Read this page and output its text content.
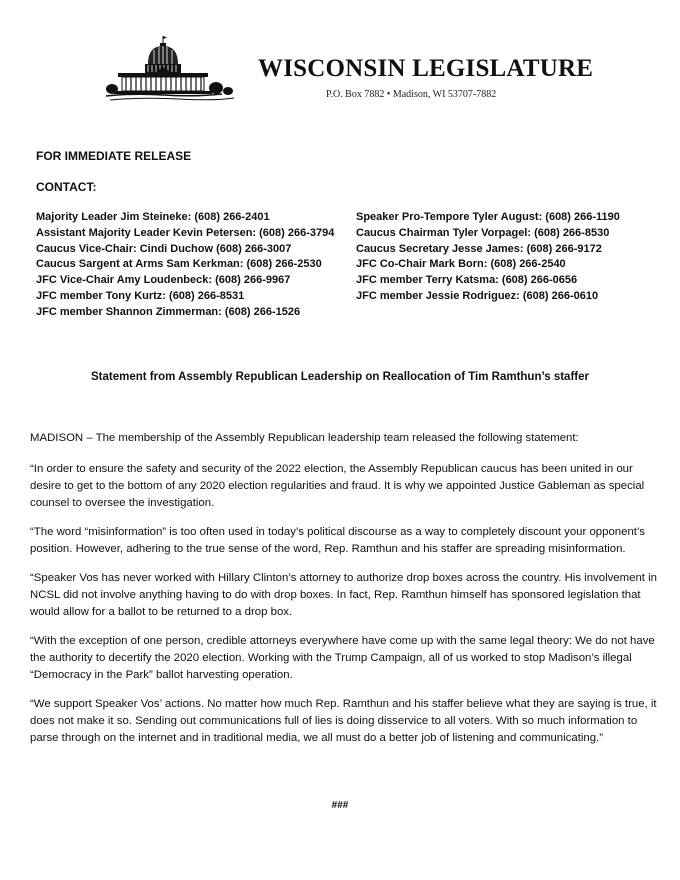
WISCONSIN LEGISLATURE
P.O. Box 7882 • Madison, WI 53707-7882
FOR IMMEDIATE RELEASE
CONTACT:
Majority Leader Jim Steineke: (608) 266-2401
Assistant Majority Leader Kevin Petersen: (608) 266-3794
Caucus Vice-Chair: Cindi Duchow (608) 266-3007
Caucus Sargent at Arms Sam Kerkman: (608) 266-2530
JFC Vice-Chair Amy Loudenbeck: (608) 266-9967
JFC member Tony Kurtz: (608) 266-8531
JFC member Shannon Zimmerman: (608) 266-1526
Speaker Pro-Tempore Tyler August: (608) 266-1190
Caucus Chairman Tyler Vorpagel: (608) 266-8530
Caucus Secretary Jesse James: (608) 266-9172
JFC Co-Chair Mark Born: (608) 266-2540
JFC member Terry Katsma: (608) 266-0656
JFC member Jessie Rodriguez: (608) 266-0610
Statement from Assembly Republican Leadership on Reallocation of Tim Ramthun’s staffer

MADISON – The membership of the Assembly Republican leadership team released the following statement:

“In order to ensure the safety and security of the 2022 election, the Assembly Republican caucus has been united in our desire to get to the bottom of any 2020 election regularities and fraud. It is why we appointed Justice Gableman as special counsel to oversee the investigation.

“The word “misinformation” is too often used in today’s political discourse as a way to completely discount your opponent’s position. However, adhering to the true sense of the word, Rep. Ramthun and his staffer are spreading misinformation.

“Speaker Vos has never worked with Hillary Clinton’s attorney to authorize drop boxes across the country. His involvement in NCSL did not involve anything having to do with drop boxes. In fact, Rep. Ramthun himself has sponsored legislation that would allow for a ballot to be returned to a drop box.

“With the exception of one person, credible attorneys everywhere have come up with the same legal theory: We do not have the authority to decertify the 2020 election. Working with the Trump Campaign, all of us worked to stop Madison’s illegal “Democracy in the Park” ballot harvesting operation.

“We support Speaker Vos’ actions. No matter how much Rep. Ramthun and his staffer believe what they are saying is true, it does not make it so. Sending out communications full of lies is doing disservice to all voters. With so much information to parse through on the internet and in traditional media, we all must do a better job of listening and communicating.”

###
